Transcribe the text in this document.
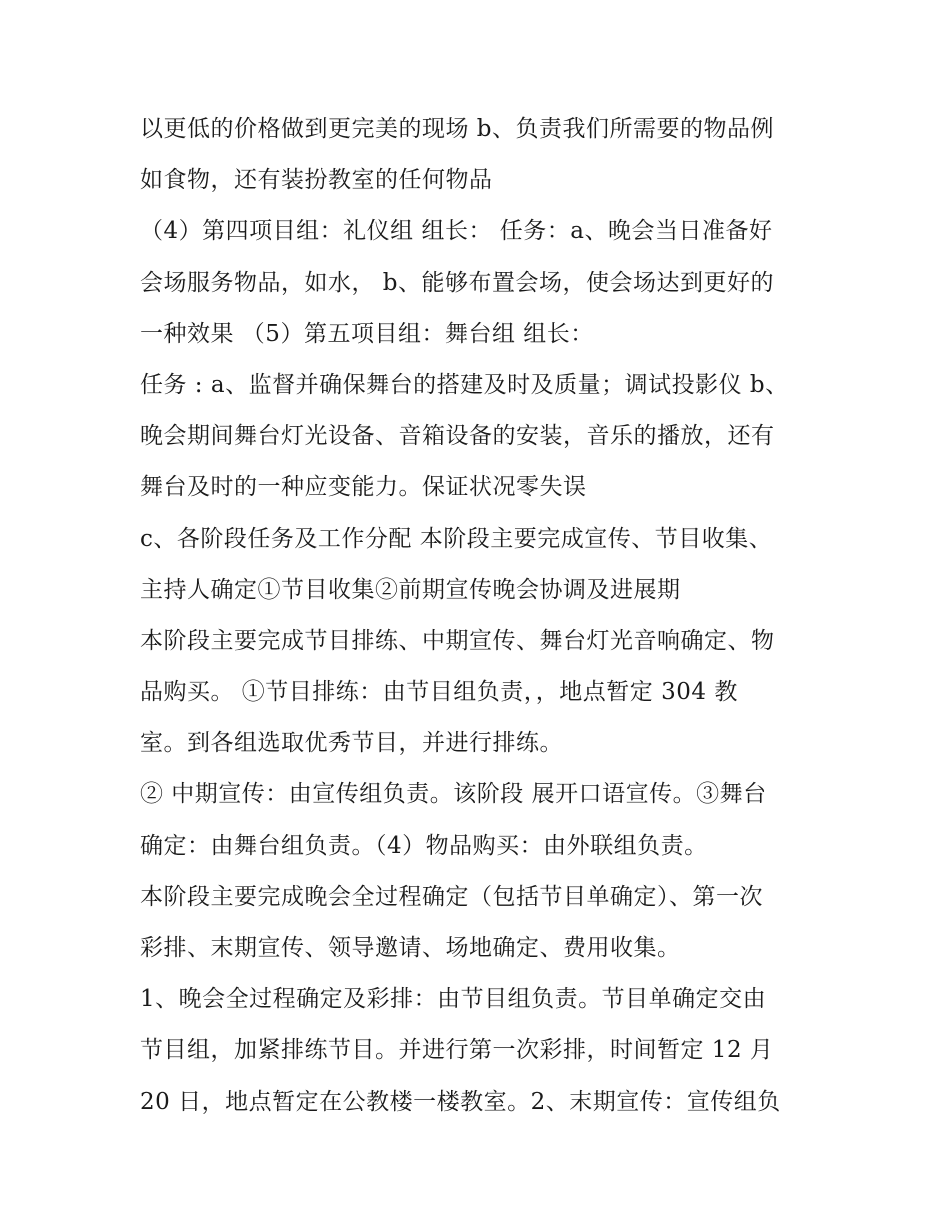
以更低的价格做到更完美的现场 b、负责我们所需要的物品例
如食物，还有装扮教室的任何物品
（4）第四项目组：礼仪组 组长： 任务：a、晚会当日准备好
会场服务物品，如水， b、能够布置会场，使会场达到更好的
一种效果 （5）第五项目组：舞台组 组长：
任务 : a、监督并确保舞台的搭建及时及质量；调试投影仪 b、
晚会期间舞台灯光设备、音箱设备的安装，音乐的播放，还有
舞台及时的一种应变能力。保证状况零失误
c、各阶段任务及工作分配 本阶段主要完成宣传、节目收集、
主持人确定①节目收集②前期宣传晚会协调及进展期
本阶段主要完成节目排练、中期宣传、舞台灯光音响确定、物
品购买。 ①节目排练：由节目组负责，，地点暂定 304 教
室。到各组选取优秀节目，并进行排练。
② 中期宣传：由宣传组负责。该阶段 展开口语宣传。③舞台
确定：由舞台组负责。（4）物品购买：由外联组负责。
本阶段主要完成晚会全过程确定（包括节目单确定）、第一次
彩排、末期宣传、领导邀请、场地确定、费用收集。
1、晚会全过程确定及彩排：由节目组负责。节目单确定交由
节目组，加紧排练节目。并进行第一次彩排，时间暂定 12 月
20 日，地点暂定在公教楼一楼教室。2、末期宣传：宣传组负
